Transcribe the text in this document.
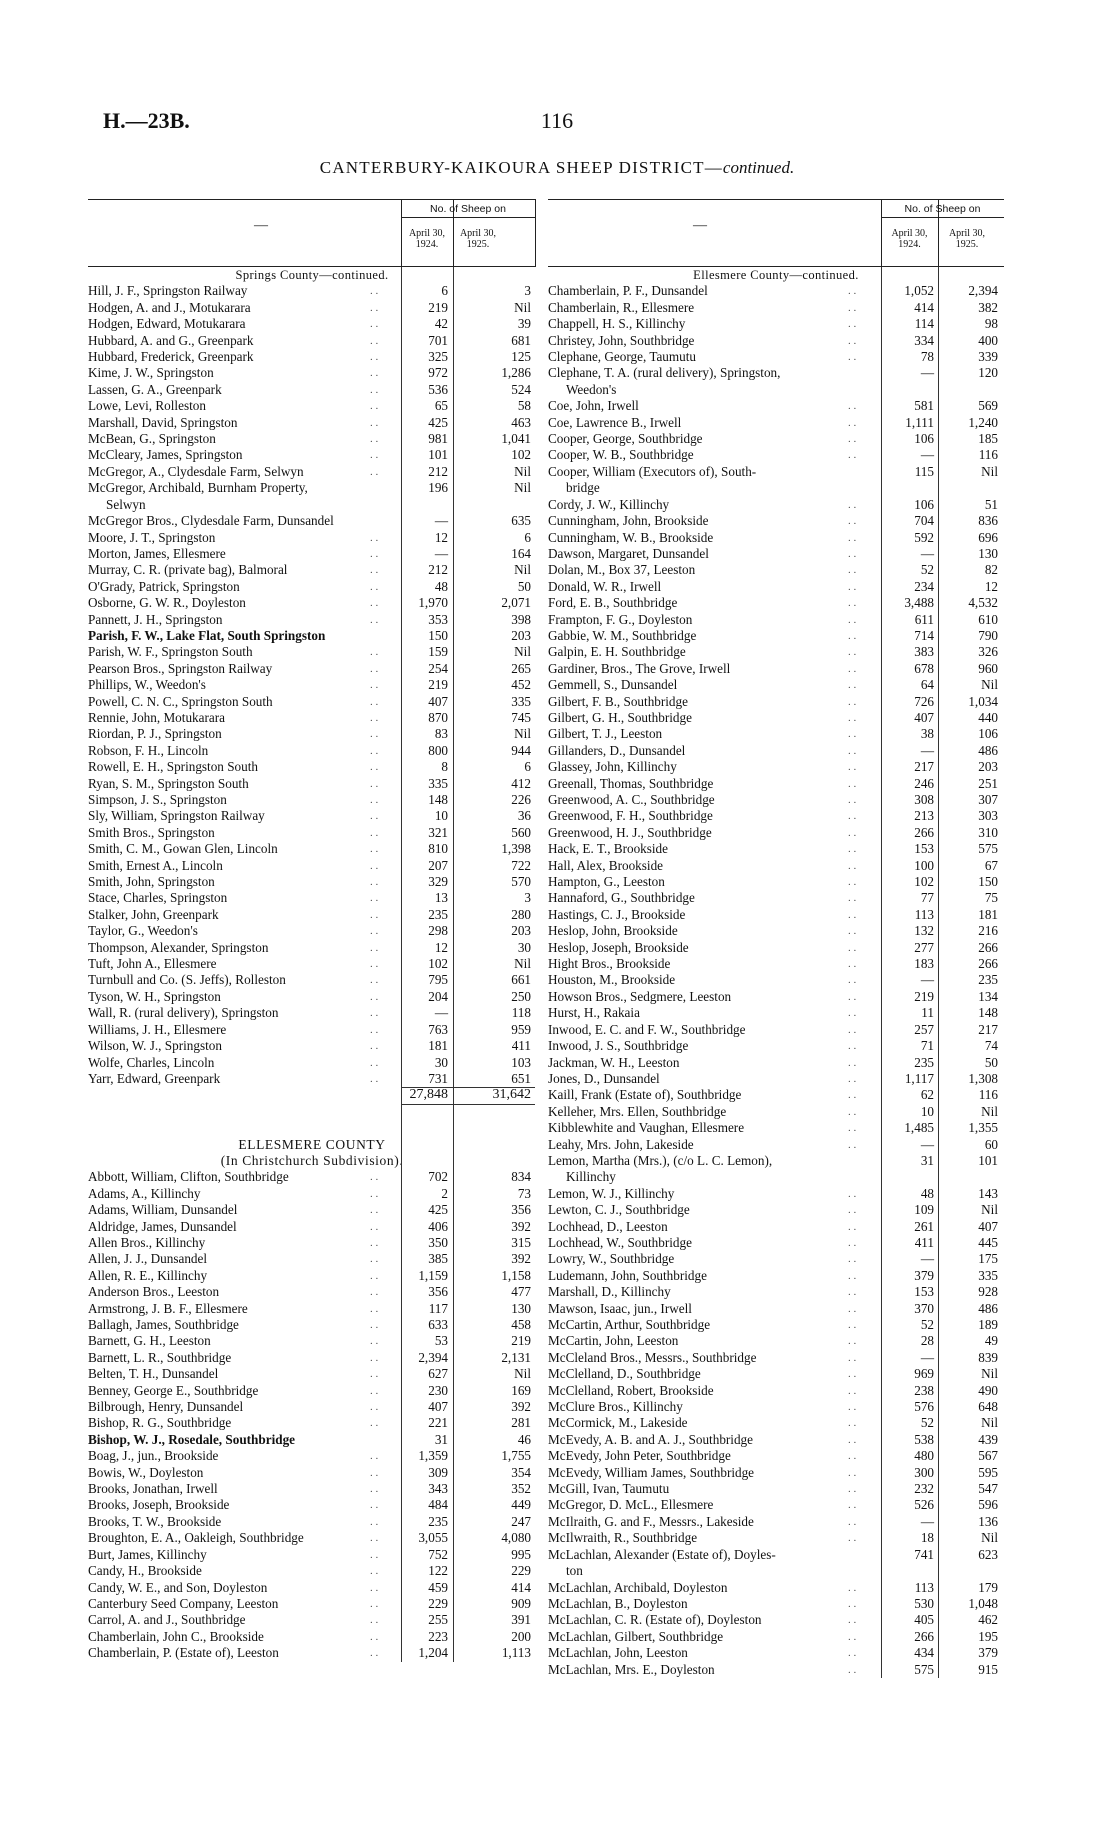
H.—23B.	116
CANTERBURY-KAIKOURA SHEEP DISTRICT—continued.
—
No. of Sheep on
April 30, 1924.
April 30, 1925.
Springs County—continued.
Hill, J. F., Springston Railway	. .	6	3
Hodgen, A. and J., Motukarara	. .	219	Nil
Hodgen, Edward, Motukarara	. .	42	39
Hubbard, A. and G., Greenpark	. .	701	681
Hubbard, Frederick, Greenpark	. .	325	125
Kime, J. W., Springston	. .	972	1,286
Lassen, G. A., Greenpark	. .	536	524
Lowe, Levi, Rolleston	. .	65	58
Marshall, David, Springston	. .	425	463
McBean, G., Springston	. .	981	1,041
McCleary, James, Springston	. .	101	102
McGregor, A., Clydesdale Farm, Selwyn	. .	212	Nil
McGregor, Archibald, Burnham Property,	196	Nil
Selwyn
McGregor Bros., Clydesdale Farm, Dunsandel	—	635
Moore, J. T., Springston	. .	12	6
Morton, James, Ellesmere	. .	—	164
Murray, C. R. (private bag), Balmoral	. .	212	Nil
O'Grady, Patrick, Springston	. .	48	50
Osborne, G. W. R., Doyleston	. .	1,970	2,071
Pannett, J. H., Springston	. .	353	398
Parish, F. W., Lake Flat, South Springston	150	203
Parish, W. F., Springston South	. .	159	Nil
Pearson Bros., Springston Railway	. .	254	265
Phillips, W., Weedon's	. .	219	452
Powell, C. N. C., Springston South	. .	407	335
Rennie, John, Motukarara	. .	870	745
Riordan, P. J., Springston	. .	83	Nil
Robson, F. H., Lincoln	. .	800	944
Rowell, E. H., Springston South	. .	8	6
Ryan, S. M., Springston South	. .	335	412
Simpson, J. S., Springston	. .	148	226
Sly, William, Springston Railway	. .	10	36
Smith Bros., Springston	. .	321	560
Smith, C. M., Gowan Glen, Lincoln	. .	810	1,398
Smith, Ernest A., Lincoln	. .	207	722
Smith, John, Springston	. .	329	570
Stace, Charles, Springston	. .	13	3
Stalker, John, Greenpark	. .	235	280
Taylor, G., Weedon's	. .	298	203
Thompson, Alexander, Springston	. .	12	30
Tuft, John A., Ellesmere	. .	102	Nil
Turnbull and Co. (S. Jeffs), Rolleston	. .	795	661
Tyson, W. H., Springston	. .	204	250
Wall, R. (rural delivery), Springston	. .	—	118
Williams, J. H., Ellesmere	. .	763	959
Wilson, W. J., Springston	. .	181	411
Wolfe, Charles, Lincoln	. .	30	103
Yarr, Edward, Greenpark	. .	731	651
27,848	31,642
ELLESMERE COUNTY
(In Christchurch Subdivision).
Abbott, William, Clifton, Southbridge	. .	702	834
Adams, A., Killinchy	. .	2	73
Adams, William, Dunsandel	. .	425	356
Aldridge, James, Dunsandel	. .	406	392
Allen Bros., Killinchy	. .	350	315
Allen, J. J., Dunsandel	. .	385	392
Allen, R. E., Killinchy	. .	1,159	1,158
Anderson Bros., Leeston	. .	356	477
Armstrong, J. B. F., Ellesmere	. .	117	130
Ballagh, James, Southbridge	. .	633	458
Barnett, G. H., Leeston	. .	53	219
Barnett, L. R., Southbridge	. .	2,394	2,131
Belten, T. H., Dunsandel	. .	627	Nil
Benney, George E., Southbridge	. .	230	169
Bilbrough, Henry, Dunsandel	. .	407	392
Bishop, R. G., Southbridge	. .	221	281
Bishop, W. J., Rosedale, Southbridge	31	46
Boag, J., jun., Brookside	. .	1,359	1,755
Bowis, W., Doyleston	. .	309	354
Brooks, Jonathan, Irwell	. .	343	352
Brooks, Joseph, Brookside	. .	484	449
Brooks, T. W., Brookside	. .	235	247
Broughton, E. A., Oakleigh, Southbridge	. .	3,055	4,080
Burt, James, Killinchy	. .	752	995
Candy, H., Brookside	. .	122	229
Candy, W. E., and Son, Doyleston	. .	459	414
Canterbury Seed Company, Leeston	. .	229	909
Carrol, A. and J., Southbridge	. .	255	391
Chamberlain, John C., Brookside	. .	223	200
Chamberlain, P. (Estate of), Leeston	. .	1,204	1,113
—
No. of Sheep on
April 30, 1924.
April 30, 1925.
Ellesmere County—continued.
Chamberlain, P. F., Dunsandel	. .	1,052	2,394
Chamberlain, R., Ellesmere	. .	414	382
Chappell, H. S., Killinchy	. .	114	98
Christey, John, Southbridge	. .	334	400
Clephane, George, Taumutu	. .	78	339
Clephane, T. A. (rural delivery), Springston,	—	120
Weedon's
Coe, John, Irwell	. .	581	569
Coe, Lawrence B., Irwell	. .	1,111	1,240
Cooper, George, Southbridge	. .	106	185
Cooper, W. B., Southbridge	. .	—	116
Cooper, William (Executors of), South-	115	Nil
bridge
Cordy, J. W., Killinchy	. .	106	51
Cunningham, John, Brookside	. .	704	836
Cunningham, W. B., Brookside	. .	592	696
Dawson, Margaret, Dunsandel	. .	—	130
Dolan, M., Box 37, Leeston	. .	52	82
Donald, W. R., Irwell	. .	234	12
Ford, E. B., Southbridge	. .	3,488	4,532
Frampton, F. G., Doyleston	. .	611	610
Gabbie, W. M., Southbridge	. .	714	790
Galpin, E. H. Southbridge	. .	383	326
Gardiner, Bros., The Grove, Irwell	. .	678	960
Gemmell, S., Dunsandel	. .	64	Nil
Gilbert, F. B., Southbridge	. .	726	1,034
Gilbert, G. H., Southbridge	. .	407	440
Gilbert, T. J., Leeston	. .	38	106
Gillanders, D., Dunsandel	. .	—	486
Glassey, John, Killinchy	. .	217	203
Greenall, Thomas, Southbridge	. .	246	251
Greenwood, A. C., Southbridge	. .	308	307
Greenwood, F. H., Southbridge	. .	213	303
Greenwood, H. J., Southbridge	. .	266	310
Hack, E. T., Brookside	. .	153	575
Hall, Alex, Brookside	. .	100	67
Hampton, G., Leeston	. .	102	150
Hannaford, G., Southbridge	. .	77	75
Hastings, C. J., Brookside	. .	113	181
Heslop, John, Brookside	. .	132	216
Heslop, Joseph, Brookside	. .	277	266
Hight Bros., Brookside	. .	183	266
Houston, M., Brookside	. .	—	235
Howson Bros., Sedgmere, Leeston	. .	219	134
Hurst, H., Rakaia	. .	11	148
Inwood, E. C. and F. W., Southbridge	. .	257	217
Inwood, J. S., Southbridge	. .	71	74
Jackman, W. H., Leeston	. .	235	50
Jones, D., Dunsandel	. .	1,117	1,308
Kaill, Frank (Estate of), Southbridge	. .	62	116
Kelleher, Mrs. Ellen, Southbridge	. .	10	Nil
Kibblewhite and Vaughan, Ellesmere	. .	1,485	1,355
Leahy, Mrs. John, Lakeside	. .	—	60
Lemon, Martha (Mrs.), (c/o L. C. Lemon),	31	101
Killinchy
Lemon, W. J., Killinchy	. .	48	143
Lewton, C. J., Southbridge	. .	109	Nil
Lochhead, D., Leeston	. .	261	407
Lochhead, W., Southbridge	. .	411	445
Lowry, W., Southbridge	. .	—	175
Ludemann, John, Southbridge	. .	379	335
Marshall, D., Killinchy	. .	153	928
Mawson, Isaac, jun., Irwell	. .	370	486
McCartin, Arthur, Southbridge	. .	52	189
McCartin, John, Leeston	. .	28	49
McCleland Bros., Messrs., Southbridge	. .	—	839
McClelland, D., Southbridge	. .	969	Nil
McClelland, Robert, Brookside	. .	238	490
McClure Bros., Killinchy	. .	576	648
McCormick, M., Lakeside	. .	52	Nil
McEvedy, A. B. and A. J., Southbridge	. .	538	439
McEvedy, John Peter, Southbridge	. .	480	567
McEvedy, William James, Southbridge	. .	300	595
McGill, Ivan, Taumutu	. .	232	547
McGregor, D. McL., Ellesmere	. .	526	596
McIlraith, G. and F., Messrs., Lakeside	. .	—	136
McIlwraith, R., Southbridge	. .	18	Nil
McLachlan, Alexander (Estate of), Doyles-	741	623
ton
McLachlan, Archibald, Doyleston	. .	113	179
McLachlan, B., Doyleston	. .	530	1,048
McLachlan, C. R. (Estate of), Doyleston	. .	405	462
McLachlan, Gilbert, Southbridge	. .	266	195
McLachlan, John, Leeston	. .	434	379
McLachlan, Mrs. E., Doyleston	. .	575	915
